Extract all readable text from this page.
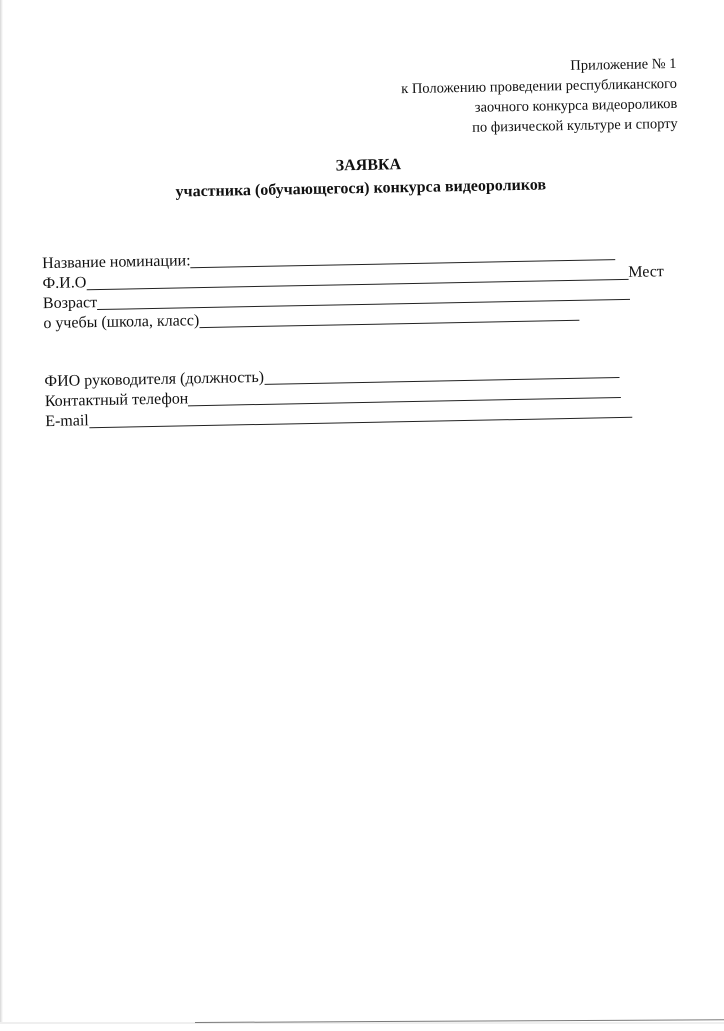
Приложение № 1
к Положению проведении республиканского
заочного конкурса видеороликов
по физической культуре и спорту
ЗАЯВКА
участника (обучающегося) конкурса видеороликов
Название номинации:
Ф.И.О
Мест
Возраст
о учебы (школа, класс)
ФИО руководителя (должность)
Контактный телефон
E-mail
